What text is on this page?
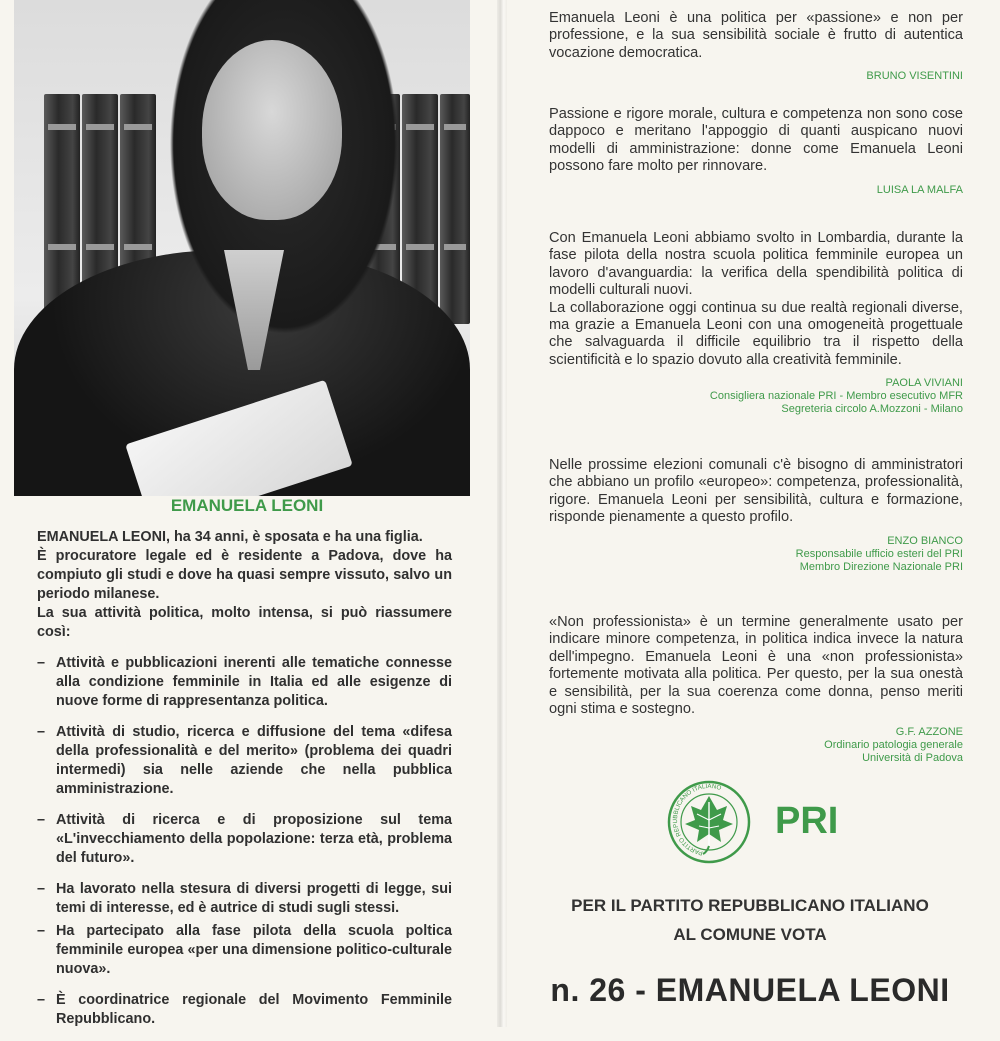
EMANUELA LEONI

EMANUELA LEONI, ha 34 anni, è sposata e ha una figlia.

È procuratore legale ed è residente a Padova, dove ha compiuto gli studi e dove ha quasi sempre vissuto, salvo un periodo milanese.

La sua attività politica, molto intensa, si può riassumere così:

– Attività e pubblicazioni inerenti alle tematiche connesse alla condizione femminile in Italia ed alle esigenze di nuove forme di rappresentanza politica.
– Attività di studio, ricerca e diffusione del tema «difesa della professionalità e del merito» (problema dei quadri intermedi) sia nelle aziende che nella pubblica amministrazione.
– Attività di ricerca e di proposizione sul tema «L'invecchiamento della popolazione: terza età, problema del futuro».
– Ha lavorato nella stesura di diversi progetti di legge, sui temi di interesse, ed è autrice di studi sugli stessi.
– Ha partecipato alla fase pilota della scuola poltica femminile europea «per una dimensione politico-culturale nuova».
– È coordinatrice regionale del Movimento Femminile Repubblicano.
Emanuela Leoni è una politica per «passione» e non per professione, e la sua sensibilità sociale è frutto di autentica vocazione democratica.
BRUNO VISENTINI
Passione e rigore morale, cultura e competenza non sono cose dappoco e meritano l'appoggio di quanti auspicano nuovi modelli di amministrazione: donne come Emanuela Leoni possono fare molto per rinnovare.
LUISA LA MALFA
Con Emanuela Leoni abbiamo svolto in Lombardia, durante la fase pilota della nostra scuola politica femminile europea un lavoro d'avanguardia: la verifica della spendibilità politica di modelli culturali nuovi.
La collaborazione oggi continua su due realtà regionali diverse, ma grazie a Emanuela Leoni con una omogeneità progettuale che salvaguarda il difficile equilibrio tra il rispetto della scientificità e lo spazio dovuto alla creatività femminile.
PAOLA VIVIANI
Consigliera nazionale PRI - Membro esecutivo MFR
Segreteria circolo A.Mozzoni - Milano
Nelle prossime elezioni comunali c'è bisogno di amministratori che abbiano un profilo «europeo»: competenza, professionalità, rigore. Emanuela Leoni per sensibilità, cultura e formazione, risponde pienamente a questo profilo.
ENZO BIANCO
Responsabile ufficio esteri del PRI
Membro Direzione Nazionale PRI
«Non professionista» è un termine generalmente usato per indicare minore competenza, in politica indica invece la natura dell'impegno. Emanuela Leoni è una «non professionista» fortemente motivata alla politica. Per questo, per la sua onestà e sensibilità, per la sua coerenza come donna, penso meriti ogni stima e sostegno.
G.F. AZZONE
Ordinario patologia generale
Università di Padova
PARTITO REPUBBLICANO ITALIANO
PRI
PER IL PARTITO REPUBBLICANO ITALIANO
AL COMUNE VOTA
n. 26 - EMANUELA LEONI
